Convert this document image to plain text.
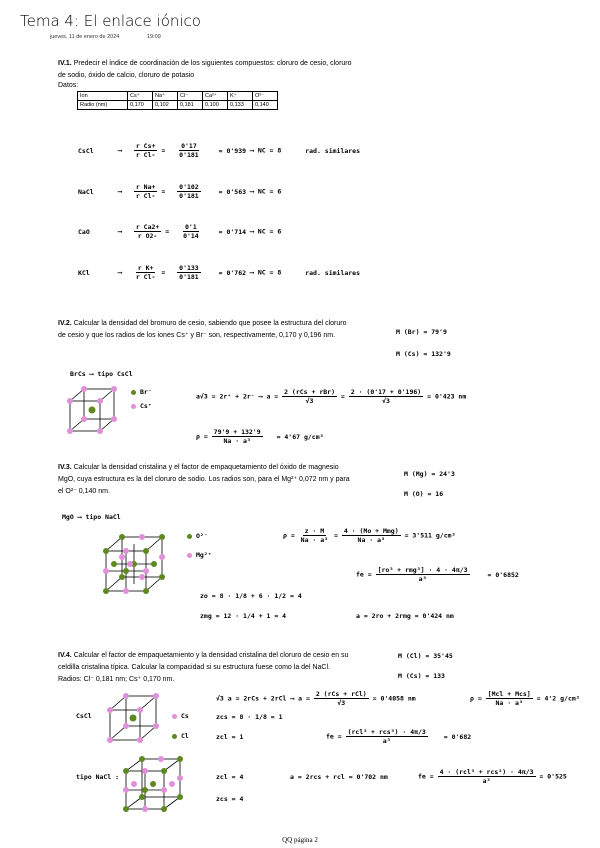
Tema 4: El enlace iónico
jueves, 11 de enero de 2024	19:09
IV.1. Predecir el índice de coordinación de los siguientes compuestos: cloruro de cesio, cloruro
de sodio, óxido de calcio, cloruro de potasio
Datos:
Ion	Cs⁺	Na⁺	Cl⁻	Ca²⁺	K⁺	O²⁻
Radio (nm)	0,170	0,102	0,181	0,100	0,133	0,140
CsCl	⟶ $\frac{\text{r Cs+}}{\text{r Cl-}} = \frac{0'17}{0'181}$	= 0'939 ⟶ NC = 8	rad. similares
NaCl	⟶ $\frac{\text{r Na+}}{\text{r Cl-}} = \frac{0'102}{0'181}$	= 0'563 ⟶ NC = 6
CaO	⟶ $\frac{\text{r Ca2+}}{\text{r O2-}} = \frac{0'1}{0'14}$	= 0'714 ⟶ NC = 6
KCl	⟶ $\frac{\text{r K+}}{\text{r Cl-}} = \frac{0'133}{0'181}$	= 0'762 ⟶ NC = 8	rad. similares
IV.2. Calcular la densidad del bromuro de cesio, sabiendo que posee la estructura del cloruro
de cesio y que los radios de los iones Cs⁺ y Br⁻ son, respectivamente, 0,170 y 0,196 nm.	M (Br) = 79'9
M (Cs) = 132'9
BrCs ⟶ tipo CsCl
Br⁻
Cs⁺
a√3 = 2r⁺ + 2r⁻ ⟶ $a = \frac{\text{2 (rCs + rBr)}}{√3} = \frac{2 \cdot (0'17 + 0'196)}{√3} = 0'423$ nm
$\rho = \frac{79'9 + 132'9}{\text{Na · a³}} = 4'67$ g/cm³
IV.3. Calcular la densidad cristalina y el factor de empaquetamiento del óxido de magnesio
MgO, cuya estructura es la del cloruro de sodio. Los radios son, para el Mg²⁺ 0,072 nm y para
el O²⁻ 0,140 nm.
M (Mg) = 24'3
M (O) = 16
MgO ⟶ tipo NaCl
O²⁻
Mg²⁺
$\rho = \frac{z \cdot M}{\text{Na · a³}} = \frac{\text{4 · (Mo + Mmg)}}{\text{Na · a³}} = 3'511$ g/cm³
fe = $\frac{\text{[ro³ + rmg³] · 4 · 4π/3}}{\text{a³}}$	= 0'6852
zo = 8 · 1/8 + 6 · 1/2 = 4
zmg = 12 · 1/4 + 1 = 4	a = 2ro + 2rmg = 0'424 nm
IV.4. Calcular el factor de empaquetamiento y la densidad cristalina del cloruro de cesio en su
celdilla cristalina típica. Calcular la compacidad si su estructura fuese como la del NaCl.
Radios: Cl⁻ 0,181 nm; Cs⁺ 0,170 nm.
M (Cl) = 35'45
M (Cs) = 133
√3 a = 2rCs + 2rCl ⟶ $a = \frac{\text{2 (rCs + rCl)}}{√3} = 0'4058$ nm	$\rho = \frac{\text{[Mcl + Mcs]}}{\text{Na · a³}} = 4'2$ g/cm³
CsCl	Cs
Cl
zcs = 8 · 1/8 = 1
zcl = 1	fe = $\frac{\text{(rcl³ + rcs³) · 4π/3}}{\text{a³}} = 0'682$
tipo NaCl :	zcl = 4	a = 2rcs + rcl = 0'702 nm	fe = $\frac{\text{4 · (rcl³ + rcs³) · 4π/3}}{\text{a³}} = 0'525$
zcs = 4
QQ página 2
